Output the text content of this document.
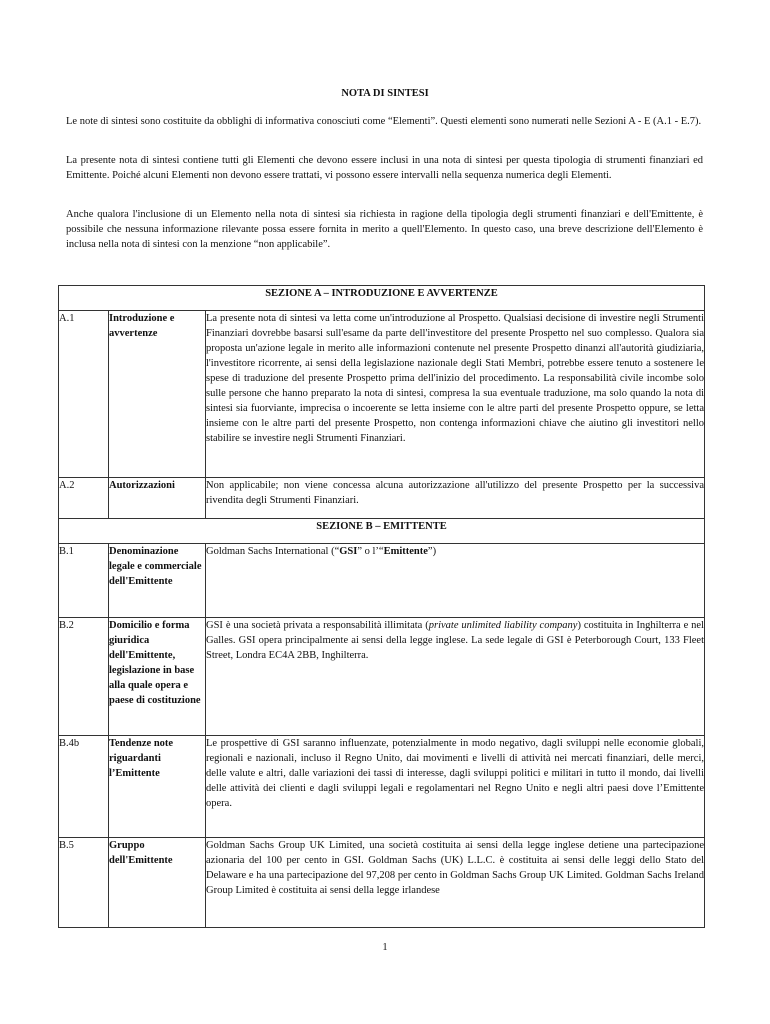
NOTA DI SINTESI

Le note di sintesi sono costituite da obblighi di informativa conosciuti come “Elementi”. Questi elementi sono numerati nelle Sezioni A - E (A.1 - E.7).

La presente nota di sintesi contiene tutti gli Elementi che devono essere inclusi in una nota di sintesi per questa tipologia di strumenti finanziari ed Emittente. Poiché alcuni Elementi non devono essere trattati, vi possono essere intervalli nella sequenza numerica degli Elementi.

Anche qualora l'inclusione di un Elemento nella nota di sintesi sia richiesta in ragione della tipologia degli strumenti finanziari e dell'Emittente, è possibile che nessuna informazione rilevante possa essere fornita in merito a quell'Elemento. In questo caso, una breve descrizione dell'Elemento è inclusa nella nota di sintesi con la menzione “non applicabile”.

SEZIONE A – INTRODUZIONE E AVVERTENZE		
A.1	Introduzione e avvertenze	La presente nota di sintesi va letta come un'introduzione al Prospetto. Qualsiasi decisione di investire negli Strumenti Finanziari dovrebbe basarsi sull'esame da parte dell'investitore del presente Prospetto nel suo complesso. Qualora sia proposta un'azione legale in merito alle informazioni contenute nel presente Prospetto dinanzi all'autorità giudiziaria, l'investitore ricorrente, ai sensi della legislazione nazionale degli Stati Membri, potrebbe essere tenuto a sostenere le spese di traduzione del presente Prospetto prima dell'inizio del procedimento. La responsabilità civile incombe solo sulle persone che hanno preparato la nota di sintesi, compresa la sua eventuale traduzione, ma solo quando la nota di sintesi sia fuorviante, imprecisa o incoerente se letta insieme con le altre parti del presente Prospetto oppure, se letta insieme con le altre parti del presente Prospetto, non contenga informazioni chiave che aiutino gli investitori nello stabilire se investire negli Strumenti Finanziari.
A.2	Autorizzazioni	Non applicabile; non viene concessa alcuna autorizzazione all'utilizzo del presente Prospetto per la successiva rivendita degli Strumenti Finanziari.
SEZIONE B – EMITTENTE		
B.1	Denominazione legale e commerciale dell'Emittente	Goldman Sachs International (“GSI” o l’“Emittente”)
B.2	Domicilio e forma giuridica dell'Emittente, legislazione in base alla quale opera e paese di costituzione	GSI è una società privata a responsabilità illimitata (private unlimited liability company) costituita in Inghilterra e nel Galles. GSI opera principalmente ai sensi della legge inglese. La sede legale di GSI è Peterborough Court, 133 Fleet Street, Londra EC4A 2BB, Inghilterra.
B.4b	Tendenze note riguardanti l’Emittente	Le prospettive di GSI saranno influenzate, potenzialmente in modo negativo, dagli sviluppi nelle economie globali, regionali e nazionali, incluso il Regno Unito, dai movimenti e livelli di attività nei mercati finanziari, delle merci, delle valute e altri, dalle variazioni dei tassi di interesse, dagli sviluppi politici e militari in tutto il mondo, dai livelli delle attività dei clienti e dagli sviluppi legali e regolamentari nel Regno Unito e negli altri paesi dove l’Emittente opera.
B.5	Gruppo dell'Emittente	Goldman Sachs Group UK Limited, una società costituita ai sensi della legge inglese detiene una partecipazione azionaria del 100 per cento in GSI. Goldman Sachs (UK) L.L.C. è costituita ai sensi delle leggi dello Stato del Delaware e ha una partecipazione del 97,208 per cento in Goldman Sachs Group UK Limited. Goldman Sachs Ireland Group Limited è costituita ai sensi della legge irlandese
1
